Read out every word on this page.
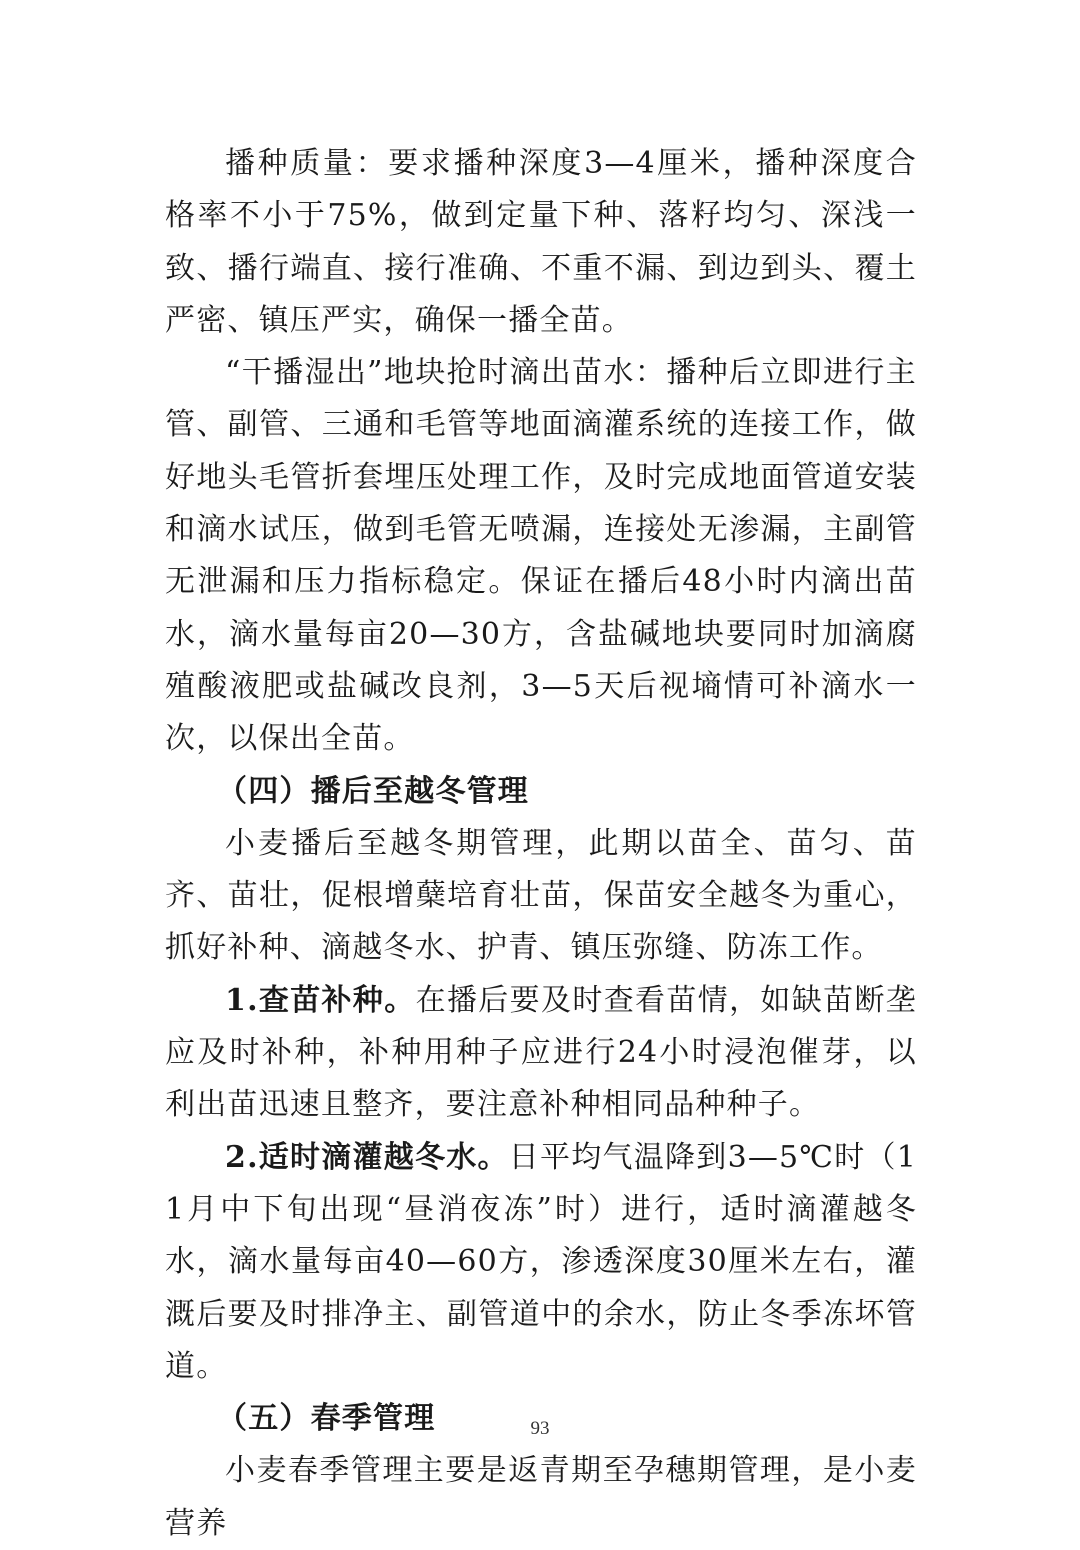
播种质量：要求播种深度3—4厘米，播种深度合格率不小于75%，做到定量下种、落籽均匀、深浅一致、播行端直、接行准确、不重不漏、到边到头、覆土严密、镇压严实，确保一播全苗。

“干播湿出”地块抢时滴出苗水：播种后立即进行主管、副管、三通和毛管等地面滴灌系统的连接工作，做好地头毛管折套埋压处理工作，及时完成地面管道安装和滴水试压，做到毛管无喷漏，连接处无渗漏，主副管无泄漏和压力指标稳定。保证在播后48小时内滴出苗水，滴水量每亩20—30方，含盐碱地块要同时加滴腐殖酸液肥或盐碱改良剂，3—5天后视墒情可补滴水一次，以保出全苗。

（四）播后至越冬管理

小麦播后至越冬期管理，此期以苗全、苗匀、苗齐、苗壮，促根增蘖培育壮苗，保苗安全越冬为重心，抓好补种、滴越冬水、护青、镇压弥缝、防冻工作。

1.查苗补种。在播后要及时查看苗情，如缺苗断垄应及时补种，补种用种子应进行24小时浸泡催芽，以利出苗迅速且整齐，要注意补种相同品种种子。

2.适时滴灌越冬水。日平均气温降到3—5℃时（11月中下旬出现“昼消夜冻”时）进行，适时滴灌越冬水，滴水量每亩40—60方，渗透深度30厘米左右，灌溉后要及时排净主、副管道中的余水，防止冬季冻坏管道。

（五）春季管理

小麦春季管理主要是返青期至孕穗期管理，是小麦营养

93
